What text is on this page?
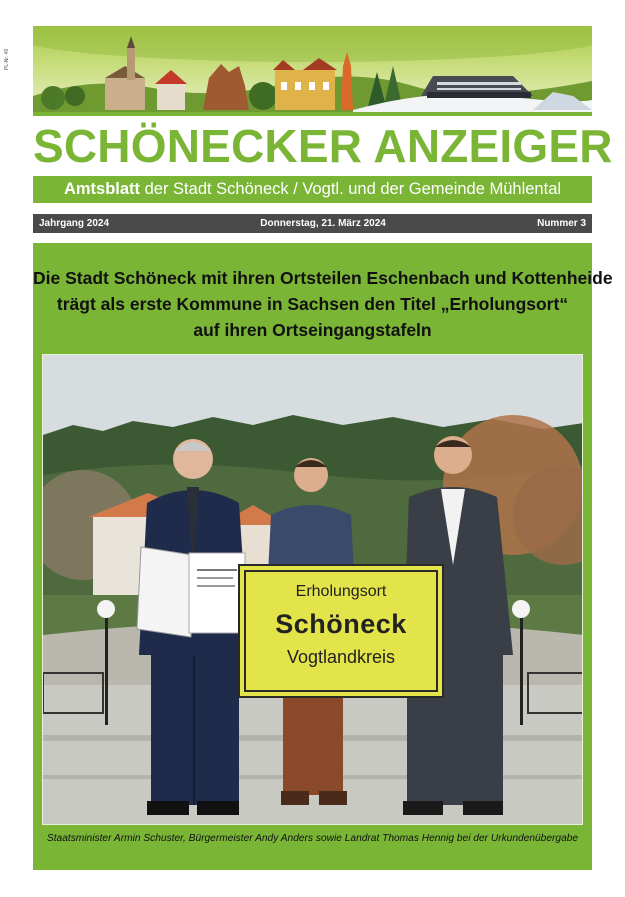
PL-Nr. 49
SCHÖNECKER ANZEIGER
Amtsblatt der Stadt Schöneck / Vogtl. und der Gemeinde Mühlental
Jahrgang 2024	Donnerstag, 21. März 2024	Nummer 3
Die Stadt Schöneck mit ihren Ortsteilen Eschenbach und Kottenheide
trägt als erste Kommune in Sachsen den Titel „Erholungsort“
auf ihren Ortseingangstafeln
Erholungsort
Schöneck
Vogtlandkreis
Staatsminister Armin Schuster, Bürgermeister Andy Anders sowie Landrat Thomas Hennig bei der Urkundenübergabe
